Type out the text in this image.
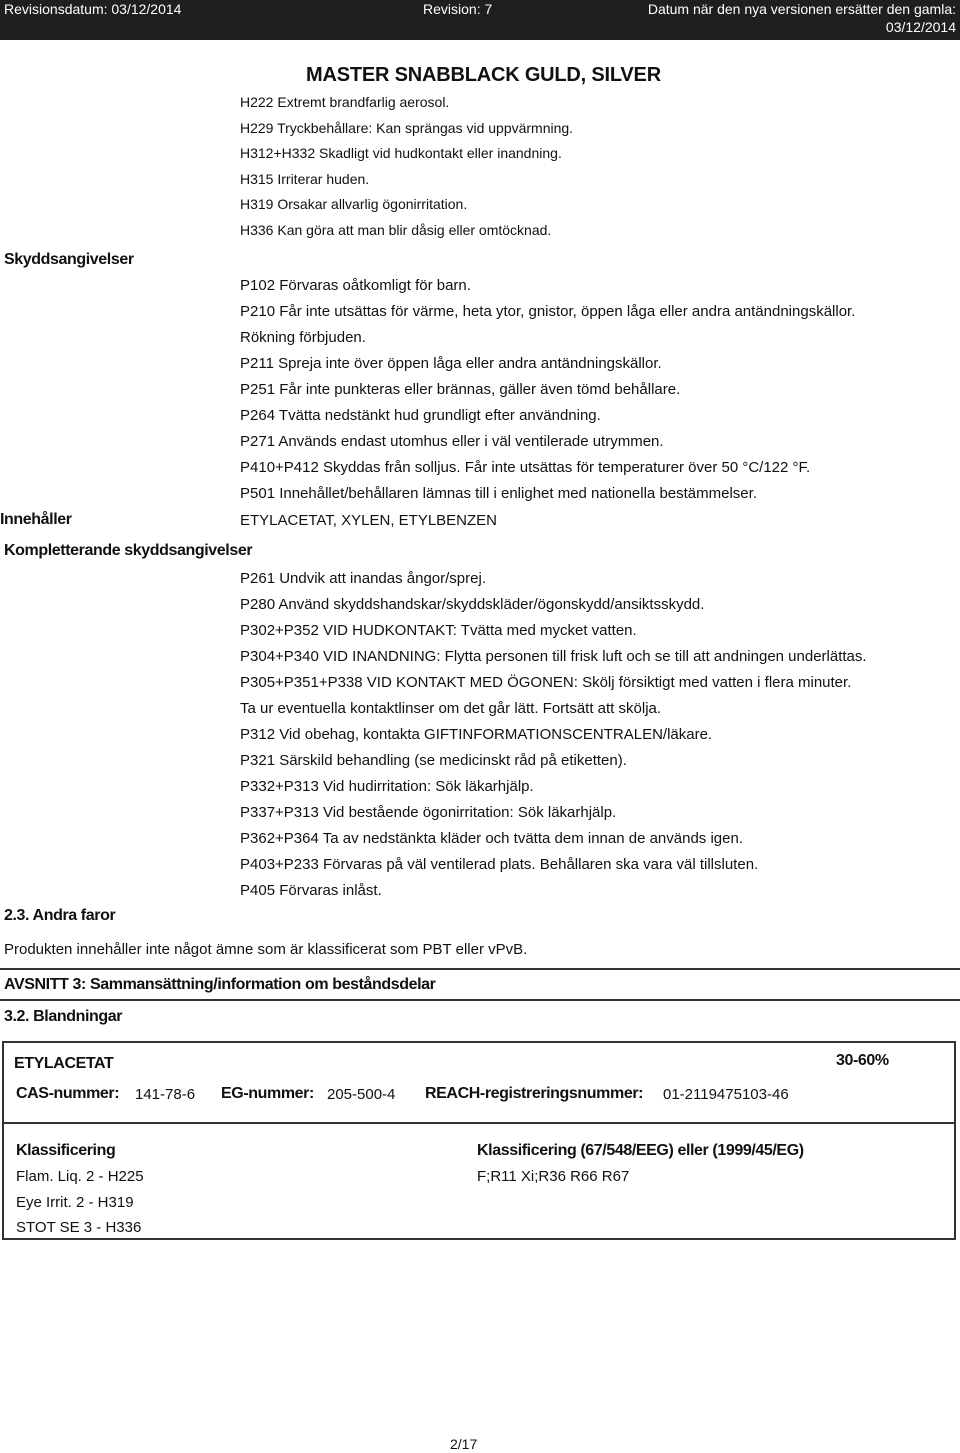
Revisionsdatum: 03/12/2014	Revision: 7	Datum när den nya versionen ersätter den gamla:
03/12/2014
MASTER SNABBLACK GULD, SILVER
H222 Extremt brandfarlig aerosol.
H229 Tryckbehållare: Kan sprängas vid uppvärmning.
H312+H332 Skadligt vid hudkontakt eller inandning.
H315 Irriterar huden.
H319 Orsakar allvarlig ögonirritation.
H336 Kan göra att man blir dåsig eller omtöcknad.
Skyddsangivelser
P102 Förvaras oåtkomligt för barn.
P210 Får inte utsättas för värme, heta ytor, gnistor, öppen låga eller andra antändningskällor.
Rökning förbjuden.
P211 Spreja inte över öppen låga eller andra antändningskällor.
P251 Får inte punkteras eller brännas, gäller även tömd behållare.
P264 Tvätta nedstänkt hud grundligt efter användning.
P271 Används endast utomhus eller i väl ventilerade utrymmen.
P410+P412 Skyddas från solljus. Får inte utsättas för temperaturer över 50 °C/122 °F.
P501 Innehållet/behållaren lämnas till i enlighet med nationella bestämmelser.
Innehåller	ETYLACETAT, XYLEN, ETYLBENZEN
Kompletterande skyddsangivelser
P261 Undvik att inandas ångor/sprej.
P280 Använd skyddshandskar/skyddskläder/ögonskydd/ansiktsskydd.
P302+P352 VID HUDKONTAKT: Tvätta med mycket vatten.
P304+P340 VID INANDNING: Flytta personen till frisk luft och se till att andningen underlättas.
P305+P351+P338 VID KONTAKT MED ÖGONEN: Skölj försiktigt med vatten i flera minuter.
Ta ur eventuella kontaktlinser om det går lätt. Fortsätt att skölja.
P312 Vid obehag, kontakta GIFTINFORMATIONSCENTRALEN/läkare.
P321 Särskild behandling (se medicinskt råd på etiketten).
P332+P313 Vid hudirritation: Sök läkarhjälp.
P337+P313 Vid bestående ögonirritation: Sök läkarhjälp.
P362+P364 Ta av nedstänkta kläder och tvätta dem innan de används igen.
P403+P233 Förvaras på väl ventilerad plats. Behållaren ska vara väl tillsluten.
P405 Förvaras inlåst.
2.3. Andra faror
Produkten innehåller inte något ämne som är klassificerat som PBT eller vPvB.
AVSNITT 3: Sammansättning/information om beståndsdelar
3.2. Blandningar
ETYLACETAT	30-60%
CAS-nummer: 141-78-6 EG-nummer: 205-500-4 REACH-registreringsnummer: 01-2119475103-46
Klassificering
Flam. Liq. 2 - H225
Eye Irrit. 2 - H319
STOT SE 3 - H336
Klassificering (67/548/EEG) eller (1999/45/EG)
F;R11 Xi;R36 R66 R67
2/17
